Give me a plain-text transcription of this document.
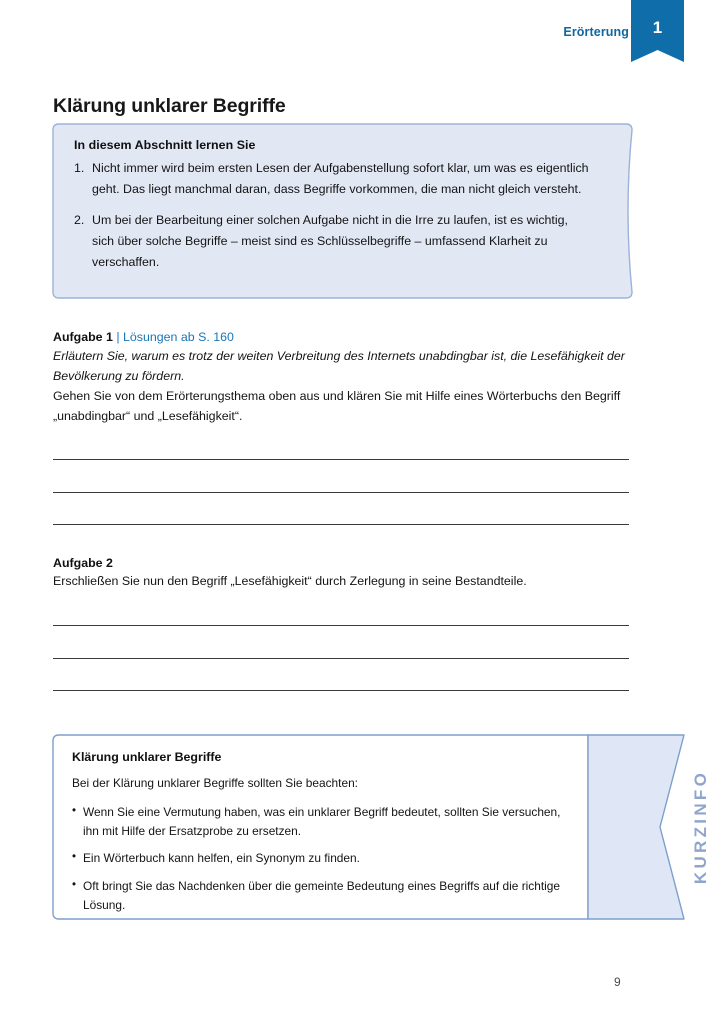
Erörterung	1
Klärung unklarer Begriffe
In diesem Abschnitt lernen Sie
Nicht immer wird beim ersten Lesen der Aufgabenstellung sofort klar, um was es eigentlich geht. Das liegt manchmal daran, dass Begriffe vorkommen, die man nicht gleich versteht.
Um bei der Bearbeitung einer solchen Aufgabe nicht in die Irre zu laufen, ist es wichtig, sich über solche Begriffe – meist sind es Schlüsselbegriffe – umfassend Klarheit zu verschaffen.
Aufgabe 1 | Lösungen ab S. 160
Erläutern Sie, warum es trotz der weiten Verbreitung des Internets unabdingbar ist, die Lesefähigkeit der Bevölkerung zu fördern.
Gehen Sie von dem Erörterungsthema oben aus und klären Sie mit Hilfe eines Wörterbuchs den Begriff „unabdingbar“ und „Lesefähigkeit“.
Aufgabe 2
Erschließen Sie nun den Begriff „Lesefähigkeit“ durch Zerlegung in seine Bestandteile.
Klärung unklarer Begriffe

Bei der Klärung unklarer Begriffe sollten Sie beachten:

• Wenn Sie eine Vermutung haben, was ein unklarer Begriff bedeutet, sollten Sie versuchen, ihn mit Hilfe der Ersatzprobe zu ersetzen.
• Ein Wörterbuch kann helfen, ein Synonym zu finden.
• Oft bringt Sie das Nachdenken über die gemeinte Bedeutung eines Begriffs auf die richtige Lösung.
KURZINFO
9
